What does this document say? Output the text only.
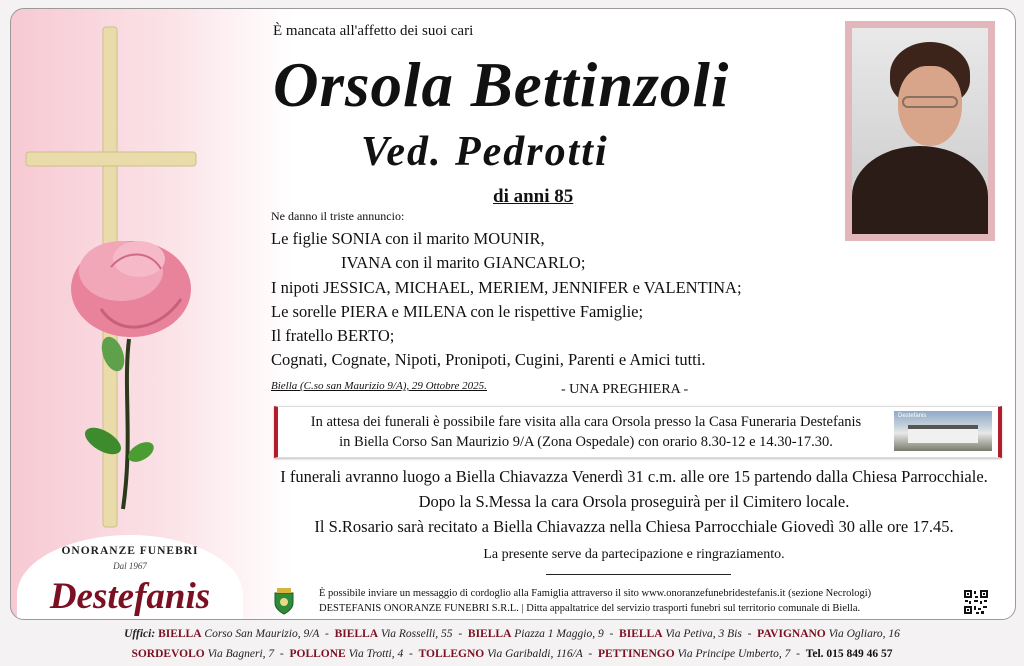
È mancata all'affetto dei suoi cari
Orsola Bettinzoli
Ved. Pedrotti
di anni 85
Ne danno il triste annuncio:
Le figlie SONIA con il marito MOUNIR,
IVANA con il marito GIANCARLO;
I nipoti JESSICA, MICHAEL, MERIEM, JENNIFER e VALENTINA;
Le sorelle PIERA e MILENA con le rispettive Famiglie;
Il fratello BERTO;
Cognati, Cognate, Nipoti, Pronipoti, Cugini, Parenti e Amici tutti.
Biella (C.so san Maurizio 9/A), 29 Ottobre 2025.	- UNA PREGHIERA -
In attesa dei funerali è possibile fare visita alla cara Orsola presso la Casa Funeraria Destefanis
in Biella Corso San Maurizio 9/A (Zona Ospedale) con orario 8.30-12 e 14.30-17.30.
Destefanis
I funerali avranno luogo a Biella Chiavazza Venerdì 31 c.m. alle ore 15 partendo dalla Chiesa Parrocchiale.
Dopo la S.Messa la cara Orsola proseguirà per il Cimitero locale.
Il S.Rosario sarà recitato a Biella Chiavazza nella Chiesa Parrocchiale Giovedì 30 alle ore 17.45.
La presente serve da partecipazione e ringraziamento.
È possibile inviare un messaggio di cordoglio alla Famiglia attraverso il sito www.onoranzefunebridestefanis.it (sezione Necrologi)
DESTEFANIS ONORANZE FUNEBRI S.R.L. | Ditta appaltatrice del servizio trasporti funebri sul territorio comunale di Biella.
ONORANZE FUNEBRI
Dal 1967
Destefanis
Uffici: BIELLA Corso San Maurizio, 9/A  -  BIELLA Via Rosselli, 55  -  BIELLA Piazza 1 Maggio, 9  -  BIELLA Via Petiva, 3 Bis  -  PAVIGNANO Via Ogliaro, 16
SORDEVOLO Via Bagneri, 7  -  POLLONE Via Trotti, 4  -  TOLLEGNO Via Garibaldi, 116/A  -  PETTINENGO Via Principe Umberto, 7  -  Tel. 015 849 46 57
